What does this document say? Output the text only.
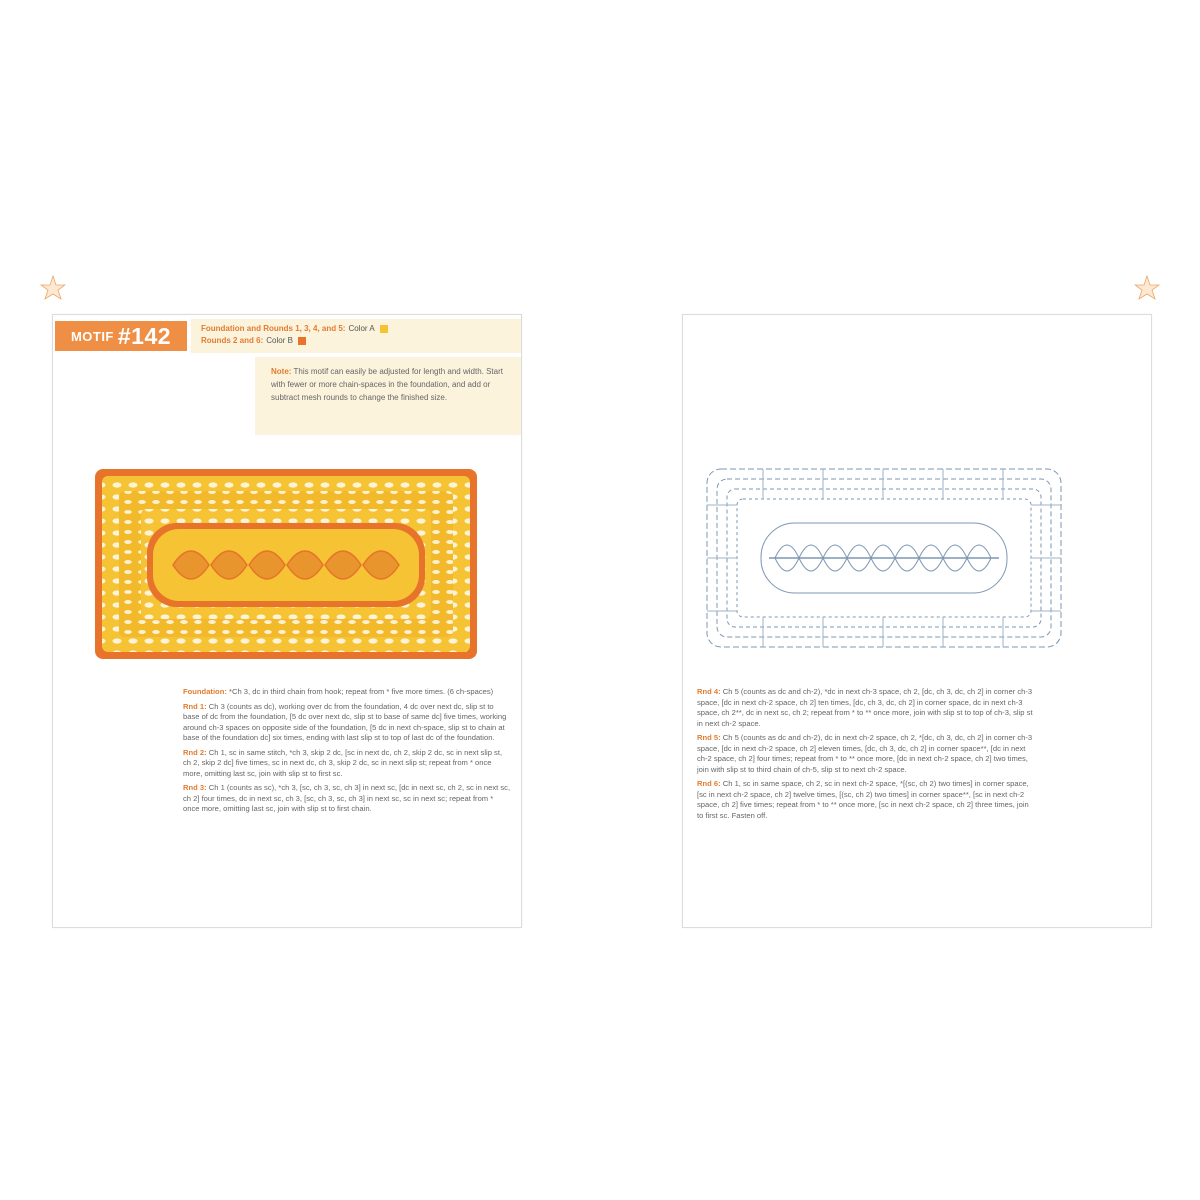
MOTIF #142	Foundation and Rounds 1, 3, 4, and 5: Color A
Rounds 2 and 6: Color B
Note: This motif can easily be adjusted for length and width. Start with fewer or more chain-spaces in the foundation, and add or subtract mesh rounds to change the finished size.

Foundation: *Ch 3, dc in third chain from hook; repeat from * five more times. (6 ch-spaces)

Rnd 1: Ch 3 (counts as dc), working over dc from the foundation, 4 dc over next dc, slip st to base of dc from the foundation, [5 dc over next dc, slip st to base of same dc] five times, working around ch-3 spaces on opposite side of the foundation, [5 dc in next ch-space, slip st to chain at base of the foundation dc] six times, ending with last slip st to top of last dc of the foundation.

Rnd 2: Ch 1, sc in same stitch, *ch 3, skip 2 dc, [sc in next dc, ch 2, skip 2 dc, sc in next slip st, ch 2, skip 2 dc] five times, sc in next dc, ch 3, skip 2 dc, sc in next slip st; repeat from * once more, omitting last sc, join with slip st to first sc.

Rnd 3: Ch 1 (counts as sc), *ch 3, [sc, ch 3, sc, ch 3] in next sc, [dc in next sc, ch 2, sc in next sc, ch 2] four times, dc in next sc, ch 3, [sc, ch 3, sc, ch 3] in next sc, sc in next sc; repeat from * once more, omitting last sc, join with slip st to first chain.

Rnd 4: Ch 5 (counts as dc and ch-2), *dc in next ch-3 space, ch 2, [dc, ch 3, dc, ch 2] in corner ch-3 space, [dc in next ch-2 space, ch 2] ten times, [dc, ch 3, dc, ch 2] in corner space, dc in next ch-3 space, ch 2**, dc in next sc, ch 2; repeat from * to ** once more, join with slip st to top of ch-3, slip st in next ch-2 space.

Rnd 5: Ch 5 (counts as dc and ch-2), dc in next ch-2 space, ch 2, *[dc, ch 3, dc, ch 2] in corner ch-3 space, [dc in next ch-2 space, ch 2] eleven times, [dc, ch 3, dc, ch 2] in corner space**, [dc in next ch-2 space, ch 2] four times; repeat from * to ** once more, [dc in next ch-2 space, ch 2] two times, join with slip st to third chain of ch-5, slip st to next ch-2 space.

Rnd 6: Ch 1, sc in same space, ch 2, sc in next ch-2 space, *[(sc, ch 2) two times] in corner space, [sc in next ch-2 space, ch 2] twelve times, [(sc, ch 2) two times] in corner space**, [sc in next ch-2 space, ch 2] five times; repeat from * to ** once more, [sc in next ch-2 space, ch 2] three times, join to first sc. Fasten off.
